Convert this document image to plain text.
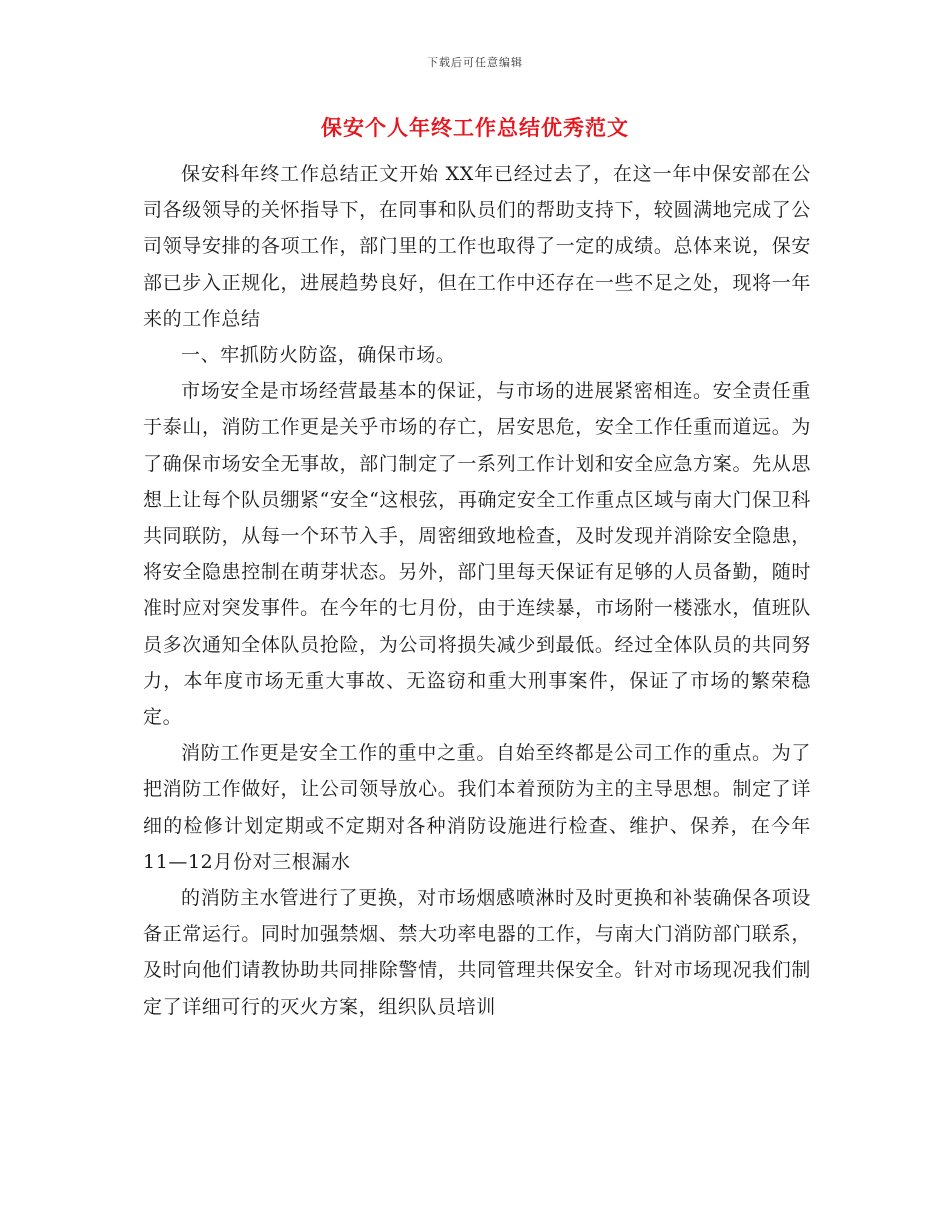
下载后可任意编辑
保安个人年终工作总结优秀范文

保安科年终工作总结正文开始 XX年已经过去了，在这一年中保安部在公司各级领导的关怀指导下，在同事和队员们的帮助支持下，较圆满地完成了公司领导安排的各项工作，部门里的工作也取得了一定的成绩。总体来说，保安部已步入正规化，进展趋势良好，但在工作中还存在一些不足之处，现将一年来的工作总结

一、牢抓防火防盗，确保市场。

市场安全是市场经营最基本的保证，与市场的进展紧密相连。安全责任重于泰山，消防工作更是关乎市场的存亡，居安思危，安全工作任重而道远。为了确保市场安全无事故，部门制定了一系列工作计划和安全应急方案。先从思想上让每个队员绷紧“安全“这根弦，再确定安全工作重点区域与南大门保卫科共同联防，从每一个环节入手，周密细致地检查，及时发现并消除安全隐患，将安全隐患控制在萌芽状态。另外，部门里每天保证有足够的人员备勤，随时准时应对突发事件。在今年的七月份，由于连续暴，市场附一楼涨水，值班队员多次通知全体队员抢险，为公司将损失减少到最低。经过全体队员的共同努力，本年度市场无重大事故、无盗窃和重大刑事案件，保证了市场的繁荣稳定。

消防工作更是安全工作的重中之重。自始至终都是公司工作的重点。为了把消防工作做好，让公司领导放心。我们本着预防为主的主导思想。制定了详细的检修计划定期或不定期对各种消防设施进行检查、维护、保养，在今年11—12月份对三根漏水

的消防主水管进行了更换，对市场烟感喷淋时及时更换和补装确保各项设备正常运行。同时加强禁烟、禁大功率电器的工作，与南大门消防部门联系，及时向他们请教协助共同排除警情，共同管理共保安全。针对市场现况我们制定了详细可行的灭火方案，组织队员培训
